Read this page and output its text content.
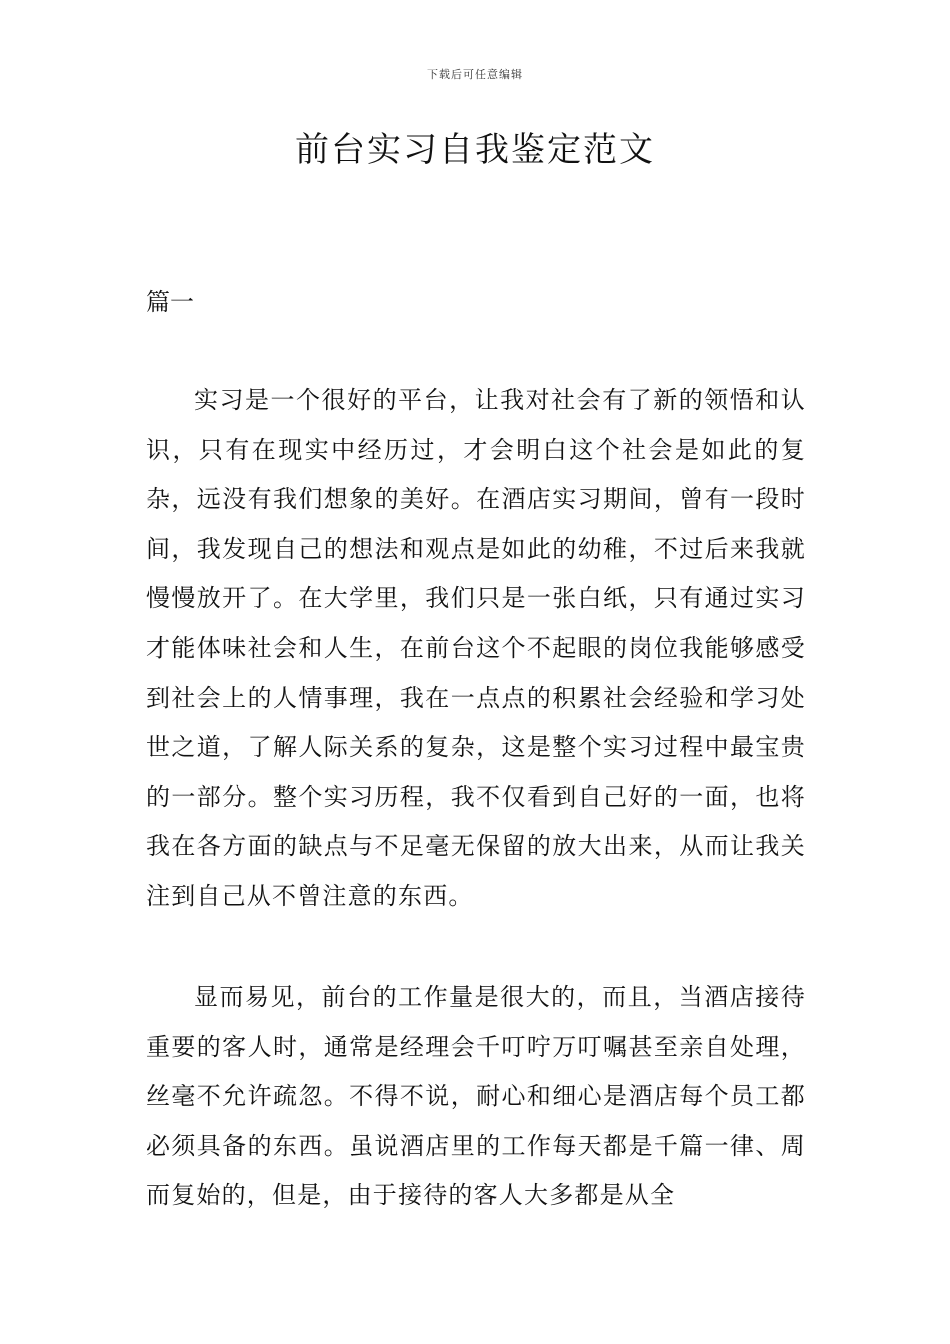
下载后可任意编辑
前台实习自我鉴定范文
篇一

实习是一个很好的平台，让我对社会有了新的领悟和认识，只有在现实中经历过，才会明白这个社会是如此的复杂，远没有我们想象的美好。在酒店实习期间，曾有一段时间，我发现自己的想法和观点是如此的幼稚，不过后来我就慢慢放开了。在大学里，我们只是一张白纸，只有通过实习才能体味社会和人生，在前台这个不起眼的岗位我能够感受到社会上的人情事理，我在一点点的积累社会经验和学习处世之道，了解人际关系的复杂，这是整个实习过程中最宝贵的一部分。整个实习历程，我不仅看到自己好的一面，也将我在各方面的缺点与不足毫无保留的放大出来，从而让我关注到自己从不曾注意的东西。

显而易见，前台的工作量是很大的，而且，当酒店接待重要的客人时，通常是经理会千叮咛万叮嘱甚至亲自处理，丝毫不允许疏忽。不得不说，耐心和细心是酒店每个员工都必须具备的东西。虽说酒店里的工作每天都是千篇一律、周而复始的，但是，由于接待的客人大多都是从全
